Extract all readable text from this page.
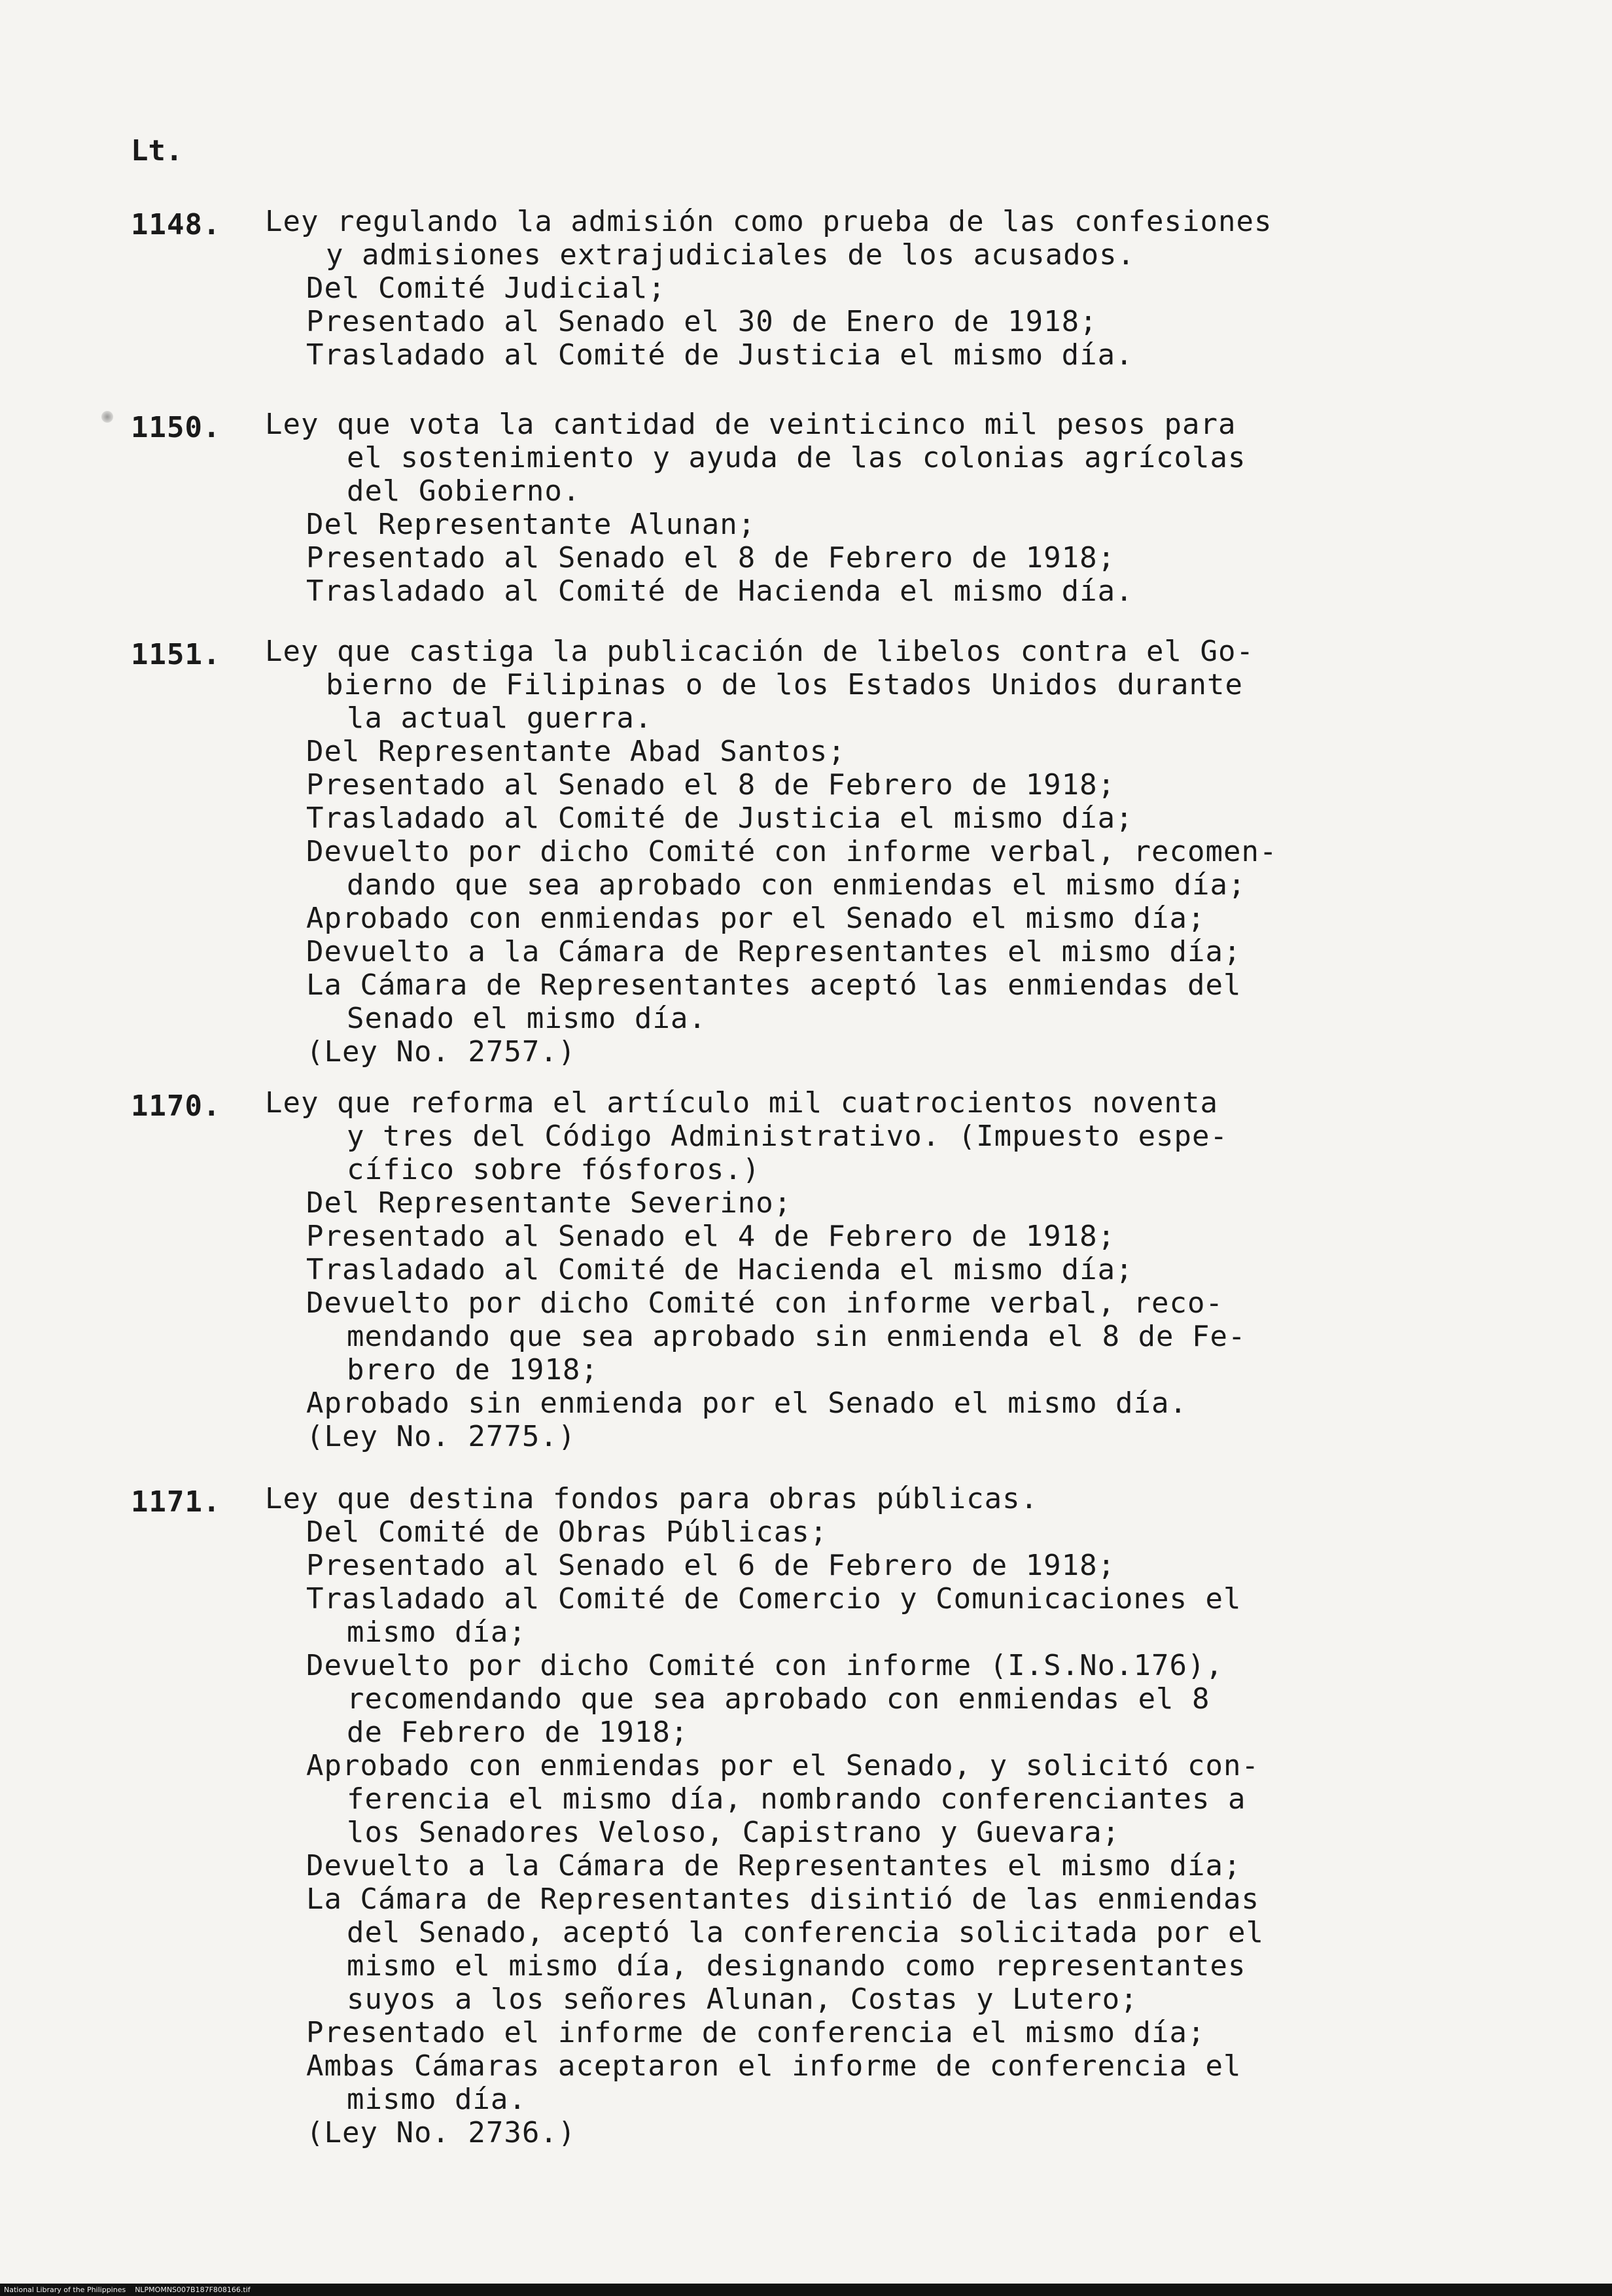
Lt.
1148. Ley regulando la admisión como prueba de las confesiones
y admisiones extrajudiciales de los acusados.
Del Comité Judicial;
Presentado al Senado el 30 de Enero de 1918;
Trasladado al Comité de Justicia el mismo día.
1150. Ley que vota la cantidad de veinticinco mil pesos para
el sostenimiento y ayuda de las colonias agrícolas
del Gobierno.
Del Representante Alunan;
Presentado al Senado el 8 de Febrero de 1918;
Trasladado al Comité de Hacienda el mismo día.
1151. Ley que castiga la publicación de libelos contra el Go-
bierno de Filipinas o de los Estados Unidos durante
la actual guerra.
Del Representante Abad Santos;
Presentado al Senado el 8 de Febrero de 1918;
Trasladado al Comité de Justicia el mismo día;
Devuelto por dicho Comité con informe verbal, recomen-
dando que sea aprobado con enmiendas el mismo día;
Aprobado con enmiendas por el Senado el mismo día;
Devuelto a la Cámara de Representantes el mismo día;
La Cámara de Representantes aceptó las enmiendas del
Senado el mismo día.
(Ley No. 2757.)
1170. Ley que reforma el artículo mil cuatrocientos noventa
y tres del Código Administrativo. (Impuesto espe-
cífico sobre fósforos.)
Del Representante Severino;
Presentado al Senado el 4 de Febrero de 1918;
Trasladado al Comité de Hacienda el mismo día;
Devuelto por dicho Comité con informe verbal, reco-
mendando que sea aprobado sin enmienda el 8 de Fe-
brero de 1918;
Aprobado sin enmienda por el Senado el mismo día.
(Ley No. 2775.)
1171. Ley que destina fondos para obras públicas.
Del Comité de Obras Públicas;
Presentado al Senado el 6 de Febrero de 1918;
Trasladado al Comité de Comercio y Comunicaciones el
mismo día;
Devuelto por dicho Comité con informe (I.S.No.176),
recomendando que sea aprobado con enmiendas el 8
de Febrero de 1918;
Aprobado con enmiendas por el Senado, y solicitó con-
ferencia el mismo día, nombrando conferenciantes a
los Senadores Veloso, Capistrano y Guevara;
Devuelto a la Cámara de Representantes el mismo día;
La Cámara de Representantes disintió de las enmiendas
del Senado, aceptó la conferencia solicitada por el
mismo el mismo día, designando como representantes
suyos a los señores Alunan, Costas y Lutero;
Presentado el informe de conferencia el mismo día;
Ambas Cámaras aceptaron el informe de conferencia el
mismo día.
(Ley No. 2736.)
National Library of the Philippines    NLPMOMNS007B187F808166.tif
